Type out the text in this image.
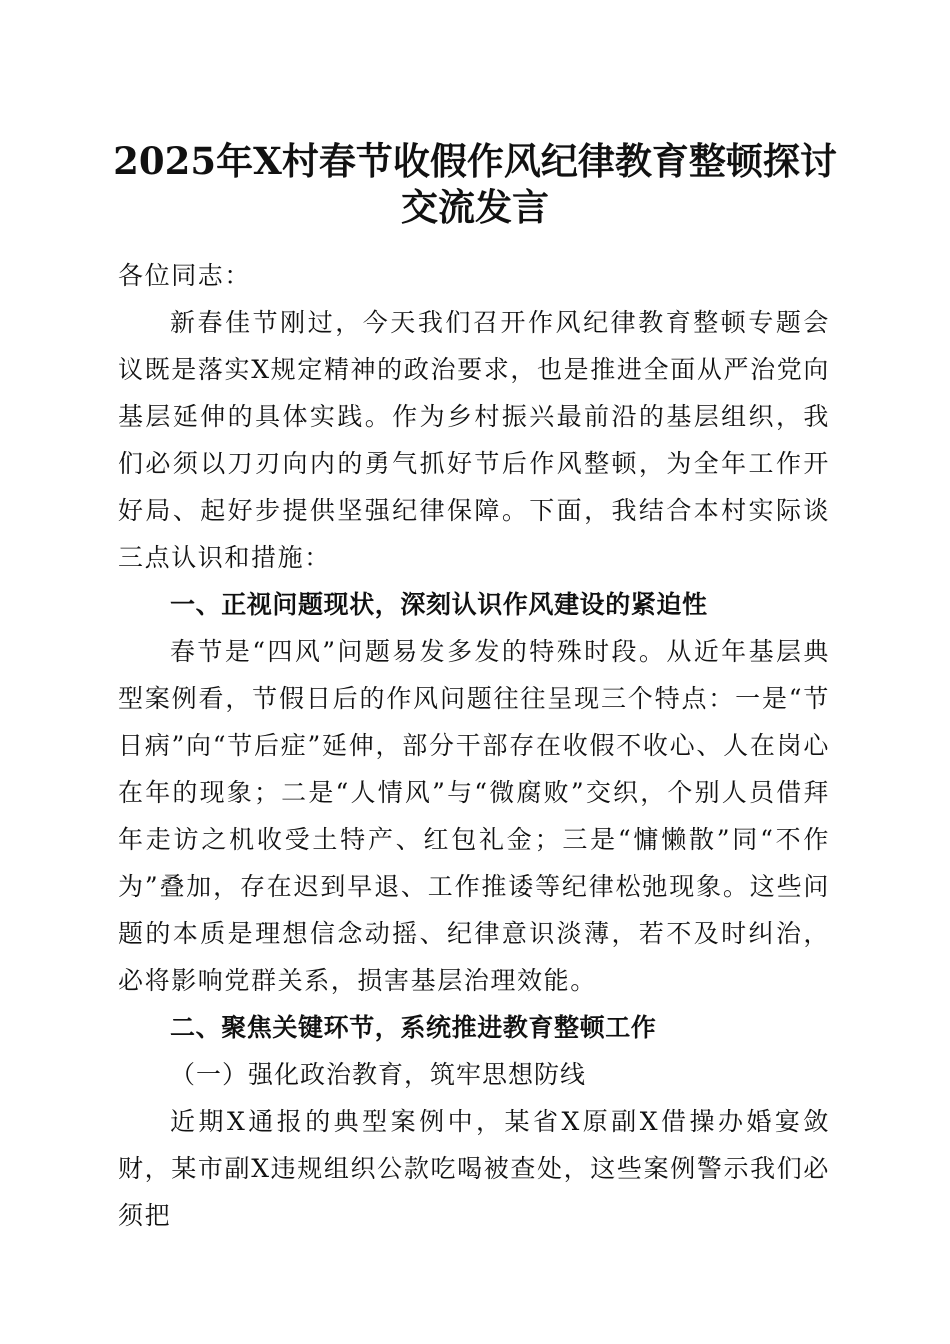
2025年X村春节收假作风纪律教育整顿探讨
交流发言

各位同志：

新春佳节刚过，今天我们召开作风纪律教育整顿专题会议既是落实X规定精神的政治要求，也是推进全面从严治党向基层延伸的具体实践。作为乡村振兴最前沿的基层组织，我们必须以刀刃向内的勇气抓好节后作风整顿，为全年工作开好局、起好步提供坚强纪律保障。下面，我结合本村实际谈三点认识和措施：

一、正视问题现状，深刻认识作风建设的紧迫性

春节是“四风”问题易发多发的特殊时段。从近年基层典型案例看，节假日后的作风问题往往呈现三个特点：一是“节日病”向“节后症”延伸，部分干部存在收假不收心、人在岗心在年的现象；二是“人情风”与“微腐败”交织，个别人员借拜年走访之机收受土特产、红包礼金；三是“慵懒散”同“不作为”叠加，存在迟到早退、工作推诿等纪律松弛现象。这些问题的本质是理想信念动摇、纪律意识淡薄，若不及时纠治，必将影响党群关系，损害基层治理效能。

二、聚焦关键环节，系统推进教育整顿工作

（一）强化政治教育，筑牢思想防线

近期X通报的典型案例中，某省X原副X借操办婚宴敛财，某市副X违规组织公款吃喝被查处，这些案例警示我们必须把
